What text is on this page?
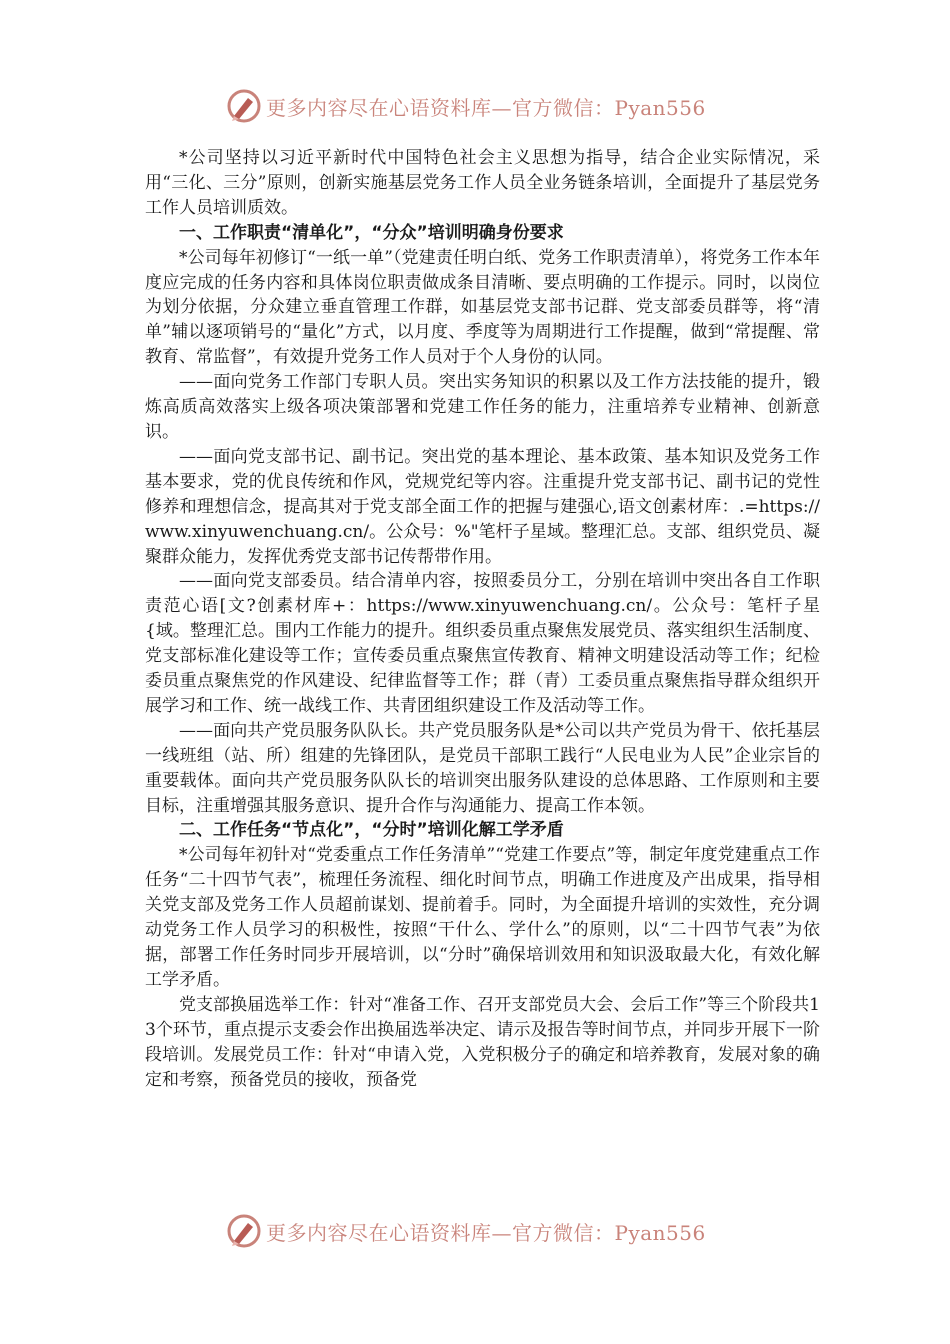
更多内容尽在心语资料库—官方微信：Pyan556

*公司坚持以习近平新时代中国特色社会主义思想为指导，结合企业实际情况，采用“三化、三分”原则，创新实施基层党务工作人员全业务链条培训，全面提升了基层党务工作人员培训质效。

一、工作职责“清单化”，“分众”培训明确身份要求

*公司每年初修订“一纸一单”（党建责任明白纸、党务工作职责清单），将党务工作本年度应完成的任务内容和具体岗位职责做成条目清晰、要点明确的工作提示。同时，以岗位为划分依据，分众建立垂直管理工作群，如基层党支部书记群、党支部委员群等，将“清单”辅以逐项销号的“量化”方式，以月度、季度等为周期进行工作提醒，做到“常提醒、常教育、常监督”，有效提升党务工作人员对于个人身份的认同。

——面向党务工作部门专职人员。突出实务知识的积累以及工作方法技能的提升，锻炼高质高效落实上级各项决策部署和党建工作任务的能力，注重培养专业精神、创新意识。

——面向党支部书记、副书记。突出党的基本理论、基本政策、基本知识及党务工作基本要求，党的优良传统和作风，党规党纪等内容。注重提升党支部书记、副书记的党性修养和理想信念，提高其对于党支部全面工作的把握与建强心,语文创素材库：.=https://www.xinyuwenchuang.cn/。公众号：%"笔杆子星域。整理汇总。支部、组织党员、凝聚群众能力，发挥优秀党支部书记传帮带作用。

——面向党支部委员。结合清单内容，按照委员分工，分别在培训中突出各自工作职责范心语[文?创素材库+：https://www.xinyuwenchuang.cn/。公众号：笔杆子星{域。整理汇总。围内工作能力的提升。组织委员重点聚焦发展党员、落实组织生活制度、党支部标准化建设等工作；宣传委员重点聚焦宣传教育、精神文明建设活动等工作；纪检委员重点聚焦党的作风建设、纪律监督等工作；群（青）工委员重点聚焦指导群众组织开展学习和工作、统一战线工作、共青团组织建设工作及活动等工作。

——面向共产党员服务队队长。共产党员服务队是*公司以共产党员为骨干、依托基层一线班组（站、所）组建的先锋团队，是党员干部职工践行“人民电业为人民”企业宗旨的重要载体。面向共产党员服务队队长的培训突出服务队建设的总体思路、工作原则和主要目标，注重增强其服务意识、提升合作与沟通能力、提高工作本领。

二、工作任务“节点化”，“分时”培训化解工学矛盾

*公司每年初针对“党委重点工作任务清单”“党建工作要点”等，制定年度党建重点工作任务“二十四节气表”，梳理任务流程、细化时间节点，明确工作进度及产出成果，指导相关党支部及党务工作人员超前谋划、提前着手。同时，为全面提升培训的实效性，充分调动党务工作人员学习的积极性，按照“干什么、学什么”的原则，以“二十四节气表”为依据，部署工作任务时同步开展培训，以“分时”确保培训效用和知识汲取最大化，有效化解工学矛盾。

党支部换届选举工作：针对“准备工作、召开支部党员大会、会后工作”等三个阶段共13个环节，重点提示支委会作出换届选举决定、请示及报告等时间节点，并同步开展下一阶段培训。发展党员工作：针对“申请入党，入党积极分子的确定和培养教育，发展对象的确定和考察，预备党员的接收，预备党

更多内容尽在心语资料库—官方微信：Pyan556
